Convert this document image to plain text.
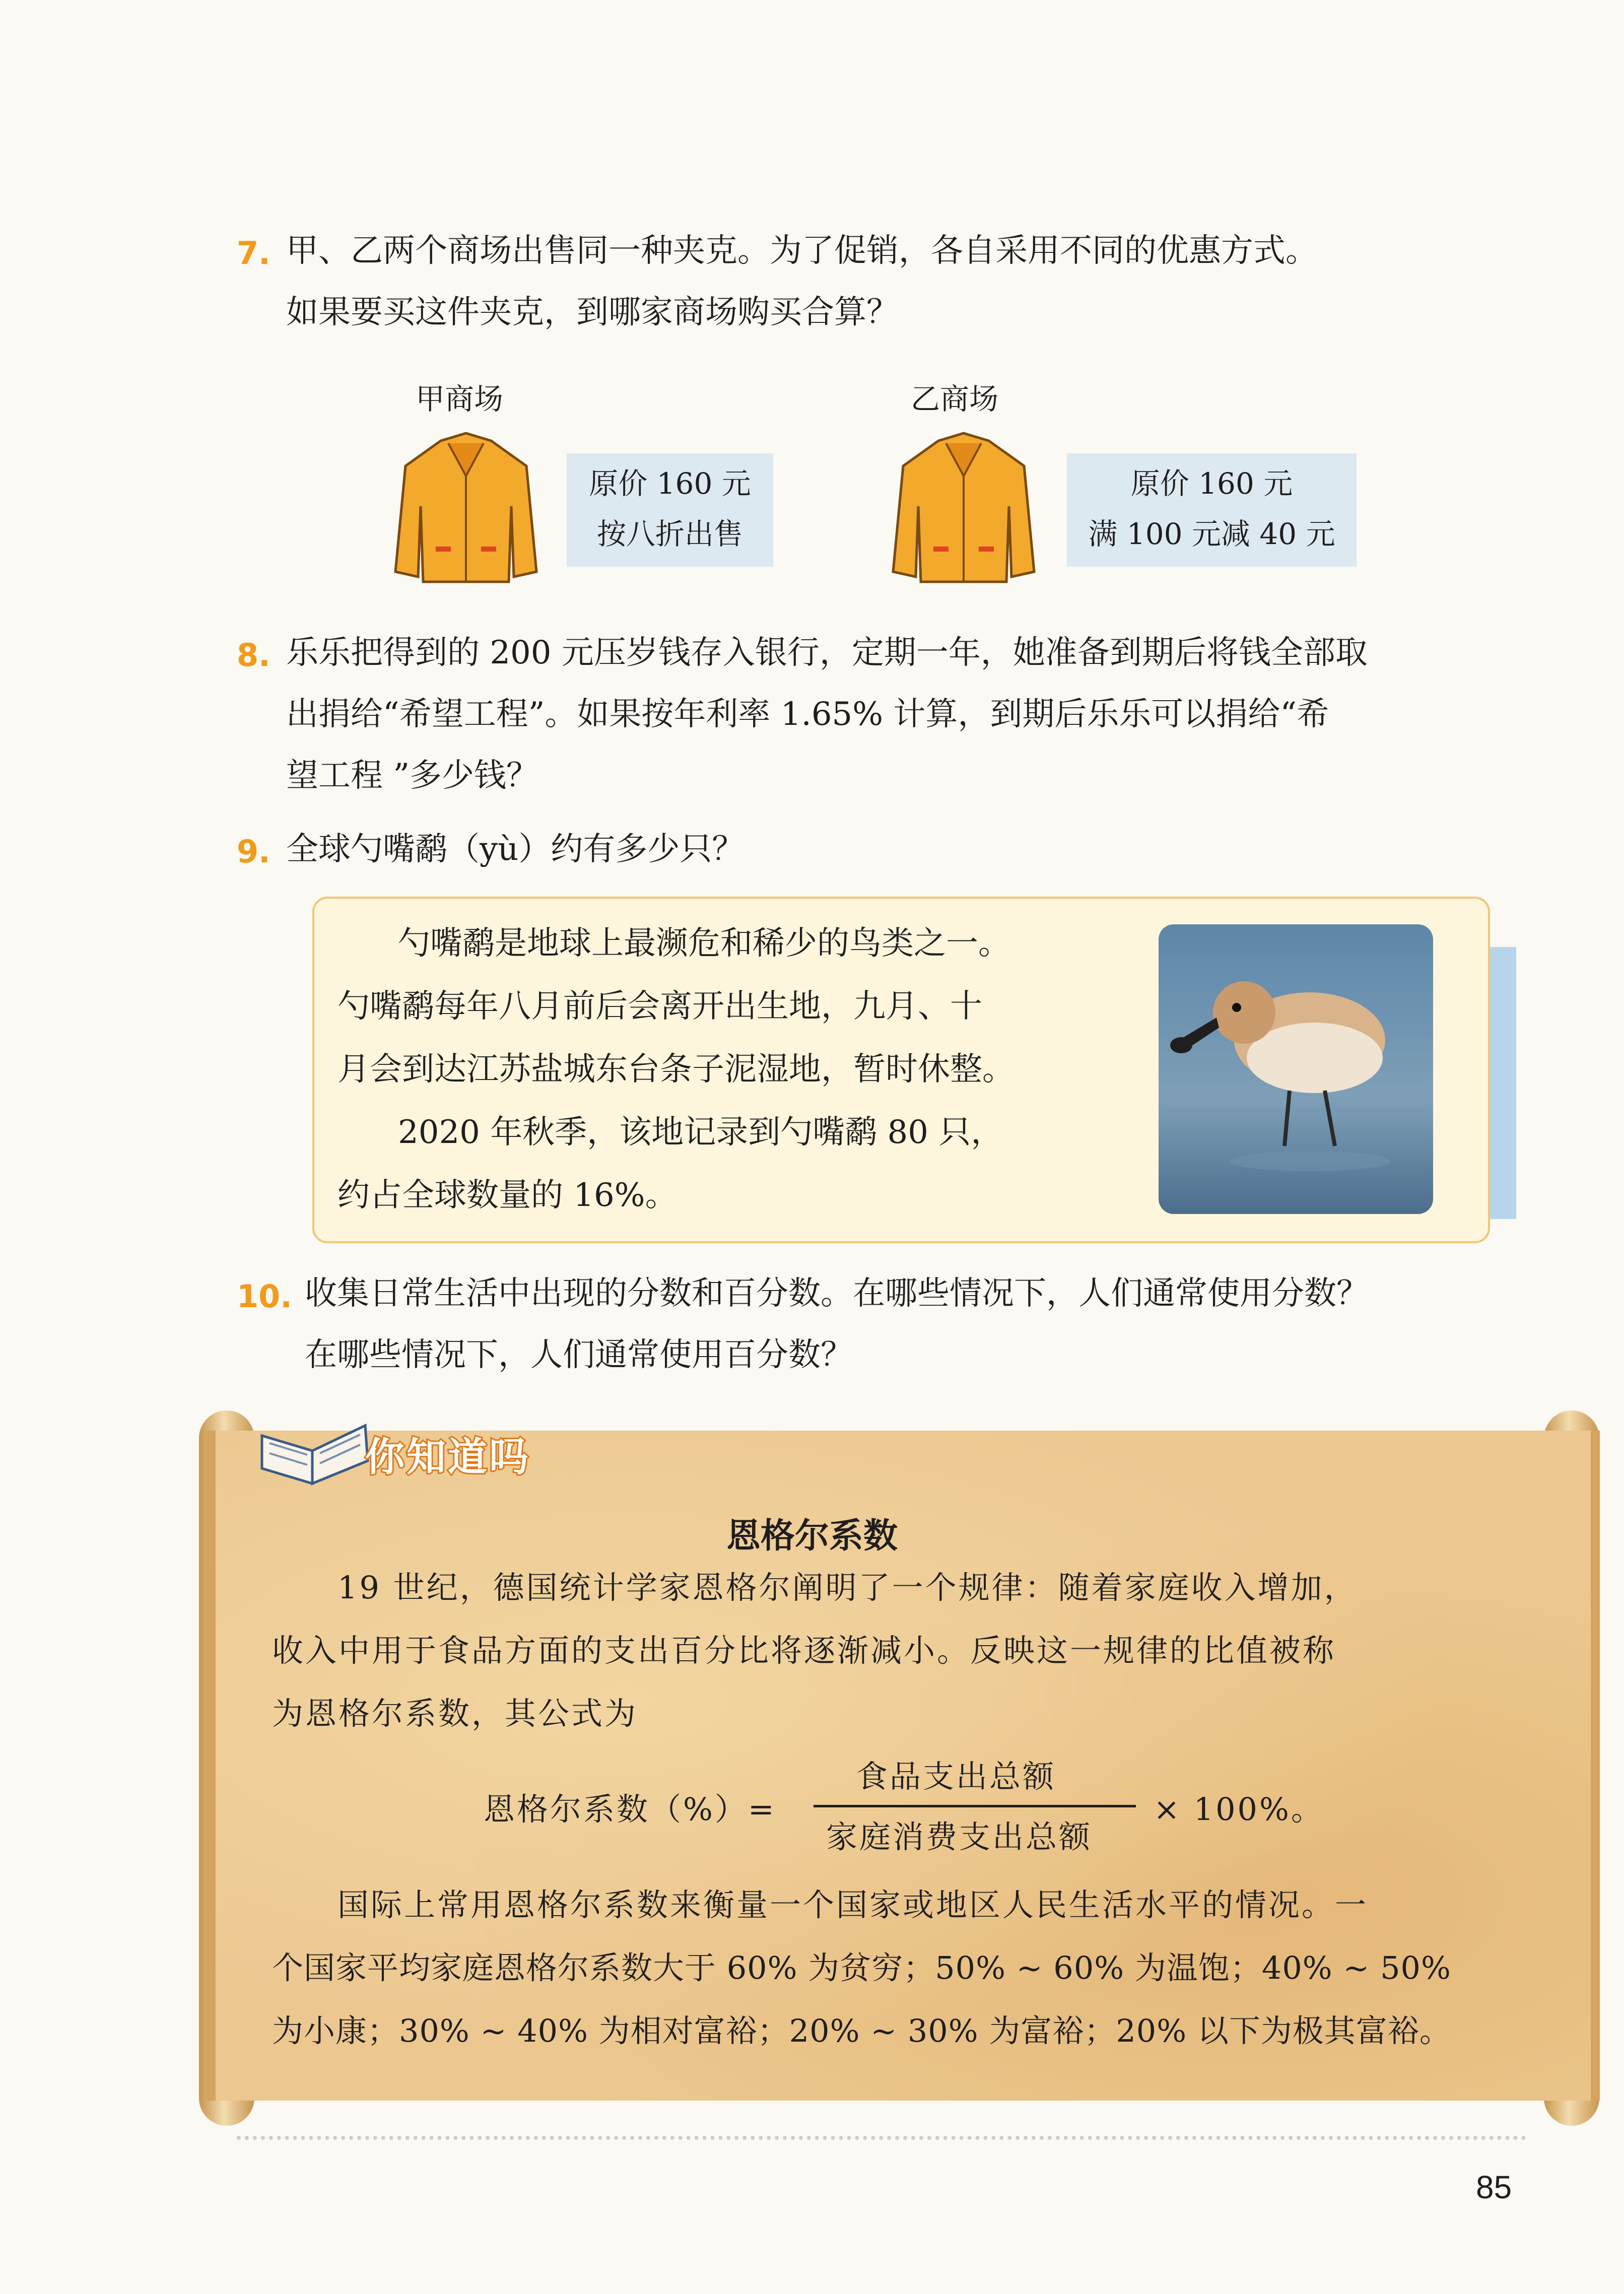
7. 甲、乙两个商场出售同一种夹克。为了促销，各自采用不同的优惠方式。
如果要买这件夹克，到哪家商场购买合算？
甲商场
原价 160 元
按八折出售
乙商场
原价 160 元
满 100 元减 40 元
8. 乐乐把得到的 200 元压岁钱存入银行，定期一年，她准备到期后将钱全部取
出捐给“希望工程”。如果按年利率 1.65% 计算，到期后乐乐可以捐给“希
望工程 ”多少钱？
9. 全球勺嘴鹬（yù）约有多少只？
勺嘴鹬是地球上最濒危和稀少的鸟类之一。
勺嘴鹬每年八月前后会离开出生地，九月、十
月会到达江苏盐城东台条子泥湿地，暂时休整。
2020 年秋季，该地记录到勺嘴鹬 80 只，
约占全球数量的 16%。
10. 收集日常生活中出现的分数和百分数。在哪些情况下，人们通常使用分数？
在哪些情况下，人们通常使用百分数？
你知道吗
恩格尔系数
19 世纪，德国统计学家恩格尔阐明了一个规律：随着家庭收入增加，
收入中用于食品方面的支出百分比将逐渐减小。反映这一规律的比值被称
为恩格尔系数，其公式为
恩格尔系数（%）=
食品支出总额
家庭消费支出总额
× 100%。
国际上常用恩格尔系数来衡量一个国家或地区人民生活水平的情况。一
个国家平均家庭恩格尔系数大于 60% 为贫穷；50% ~ 60% 为温饱；40% ~ 50%
为小康；30% ~ 40% 为相对富裕；20% ~ 30% 为富裕；20% 以下为极其富裕。
85
